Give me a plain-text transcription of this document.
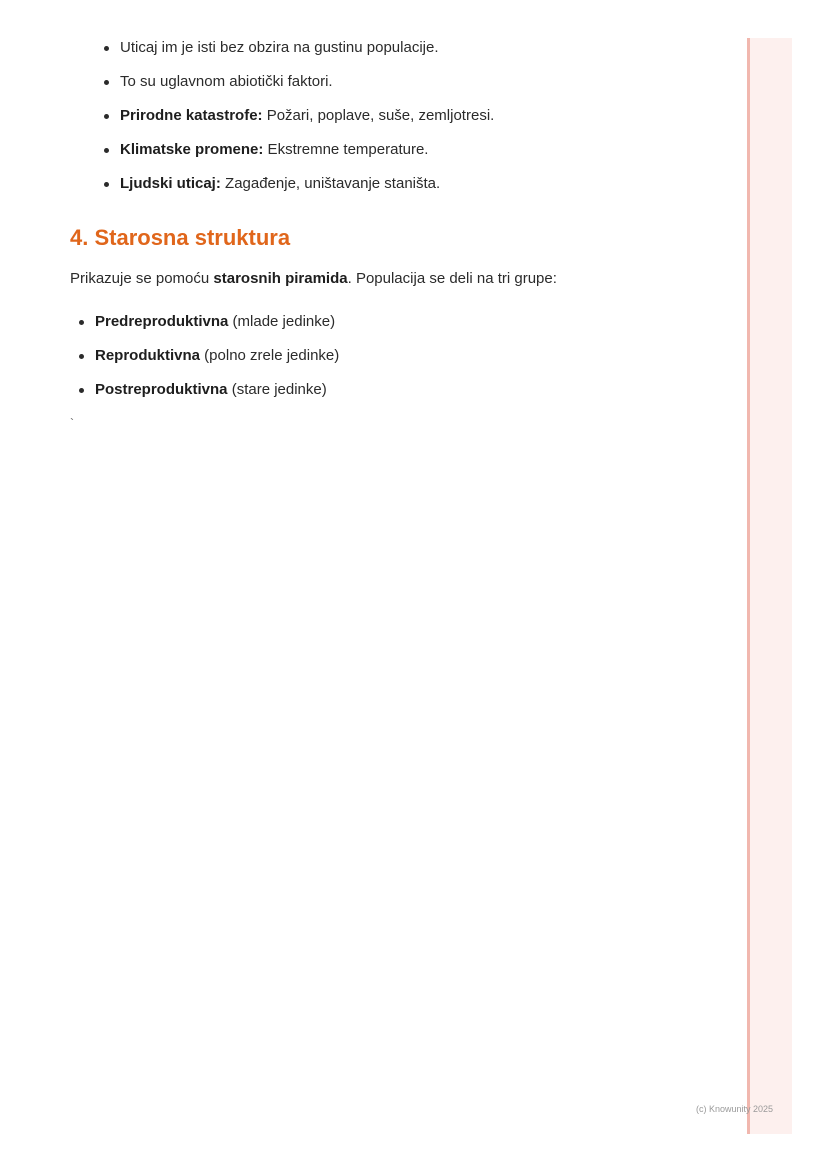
Uticaj im je isti bez obzira na gustinu populacije.
To su uglavnom abiotički faktori.
Prirodne katastrofe: Požari, poplave, suše, zemljotresi.
Klimatske promene: Ekstremne temperature.
Ljudski uticaj: Zagađenje, uništavanje staništa.
4. Starosna struktura

Prikazuje se pomoću starosnih piramida. Populacija se deli na tri grupe:

Predreproduktivna (mlade jedinke)
Reproduktivna (polno zrele jedinke)
Postreproduktivna (stare jedinke)
`
(c) Knowunity 2025
